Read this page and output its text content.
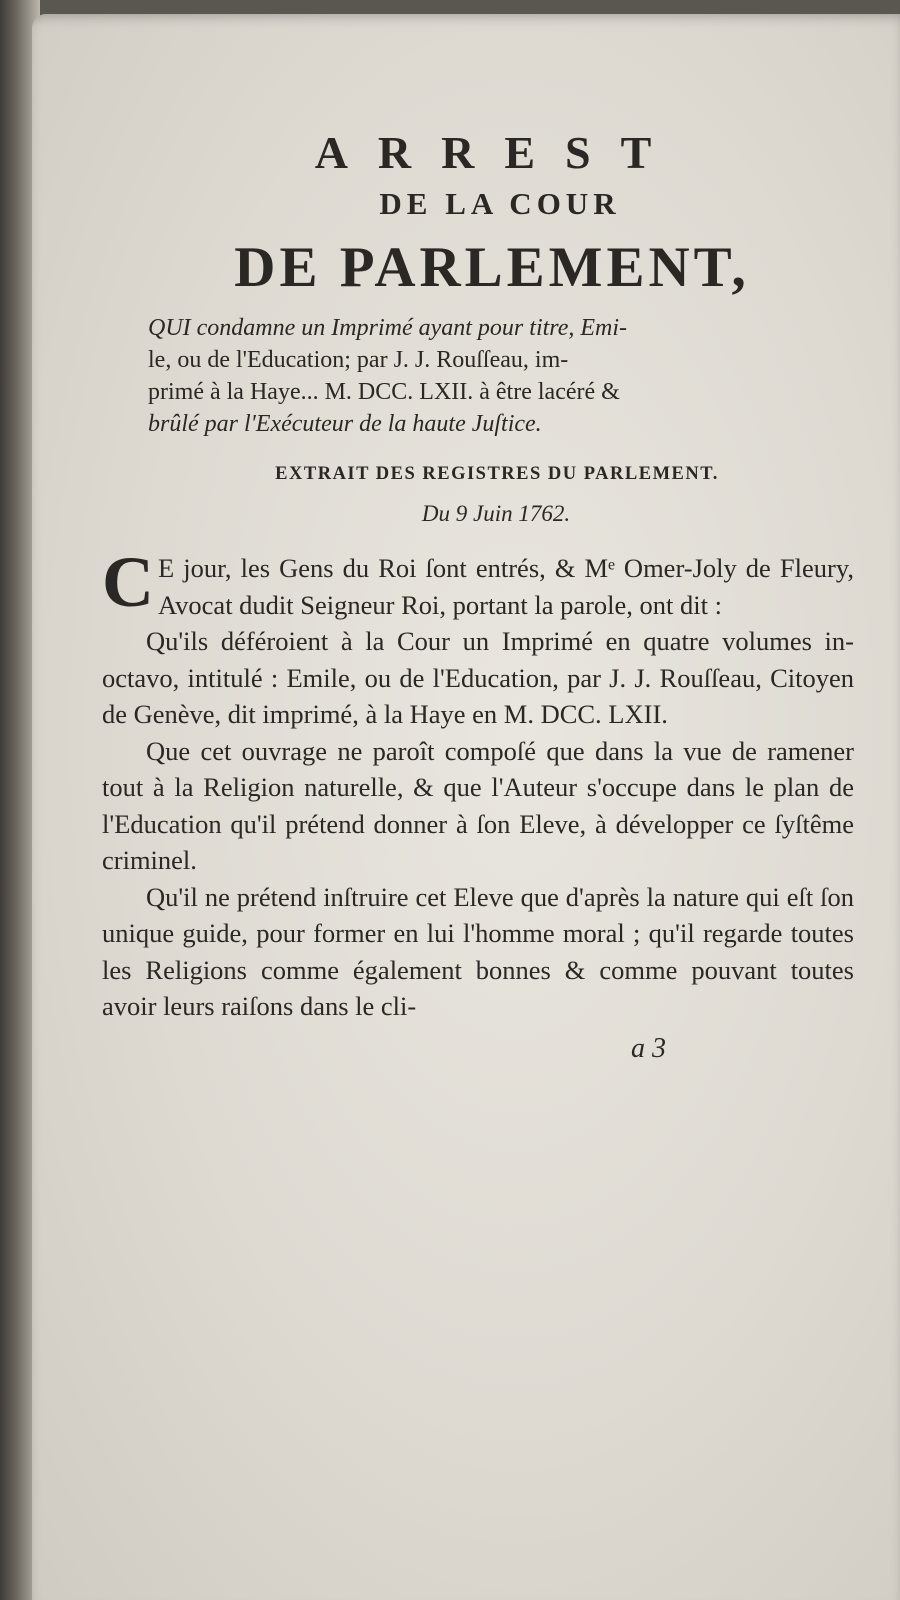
ARREST
DE LA COUR
DE PARLEMENT,
QUI condamne un Imprimé ayant pour titre, Emi-
le, ou de l'Education; par J. J. Rouſſeau, im-
primé à la Haye... M. DCC. LXII. à être lacéré &
brûlé par l'Exécuteur de la haute Juſtice.
EXTRAIT DES REGISTRES DU PARLEMENT.
Du 9 Juin 1762.

C E jour, les Gens du Roi ſont entrés, & Mᵉ Omer-Joly de Fleury, Avocat dudit Seigneur Roi, portant la parole, ont dit :

Qu'ils déféroient à la Cour un Imprimé en quatre volumes in-octavo, intitulé : Emile, ou de l'Education, par J. J. Rouſſeau, Citoyen de Genève, dit imprimé, à la Haye en M. DCC. LXII.

Que cet ouvrage ne paroît compoſé que dans la vue de ramener tout à la Religion naturelle, & que l'Auteur s'occupe dans le plan de l'Education qu'il prétend donner à ſon Eleve, à développer ce ſyſtême criminel.

Qu'il ne prétend inſtruire cet Eleve que d'après la nature qui eſt ſon unique guide, pour former en lui l'homme moral ; qu'il regarde toutes les Religions comme également bonnes & comme pouvant toutes avoir leurs raiſons dans le cli-

a 3
